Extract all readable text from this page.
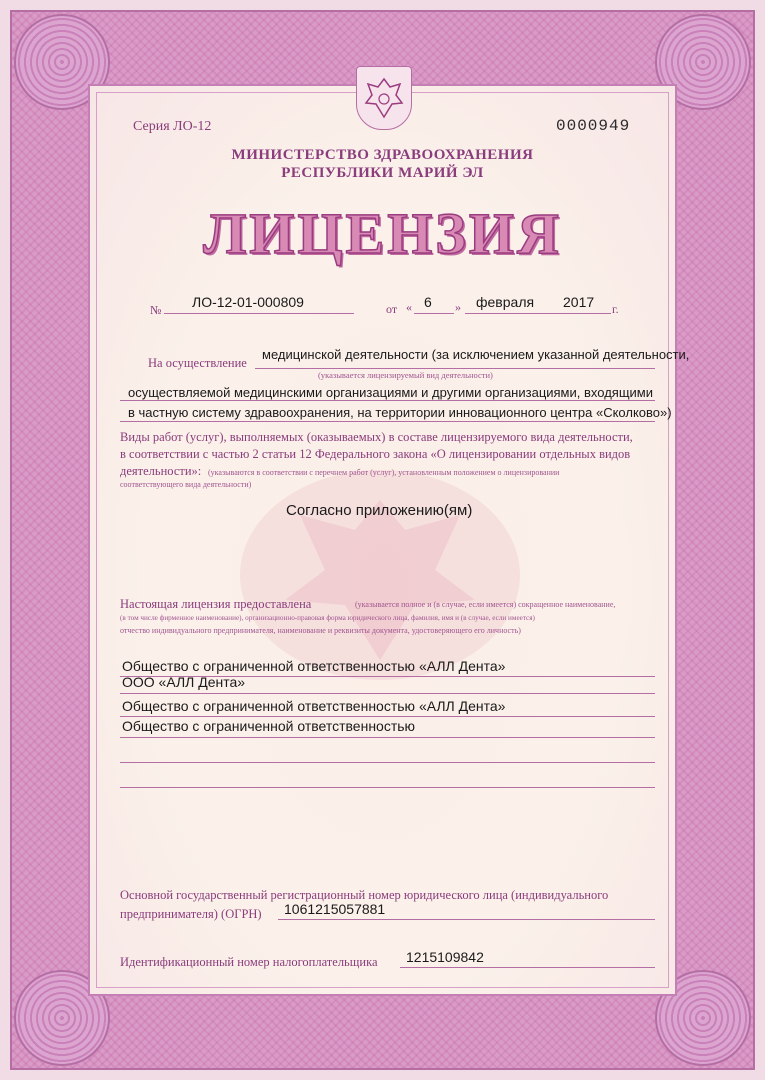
Серия ЛО-12	0000949
МИНИСТЕРСТВО ЗДРАВООХРАНЕНИЯ
РЕСПУБЛИКИ МАРИЙ ЭЛ
ЛИЦЕНЗИЯ
№ ЛО-12-01-000809	от « 6 » февраля 2017 г.
На осуществление
медицинской деятельности (за исключением указанной деятельности,
(указывается лицензируемый вид деятельности)
осуществляемой медицинскими организациями и другими организациями, входящими
в частную систему здравоохранения, на территории инновационного центра «Сколково»)
Виды работ (услуг), выполняемых (оказываемых) в составе лицензируемого вида деятельности,
в соответствии с частью 2 статьи 12 Федерального закона «О лицензировании отдельных видов
деятельности»: (указываются в соответствии с перечнем работ (услуг), установленным положением о лицензировании
соответствующего вида деятельности)
Согласно приложению(ям)
Настоящая лицензия предоставлена	(указывается полное и (в случае, если имеется) сокращенное наименование,
(в том числе фирменное наименование), организационно-правовая форма юридического лица, фамилия, имя и (в случае, если имеется)
отчество индивидуального предпринимателя, наименование и реквизиты документа, удостоверяющего его личность)
Общество с ограниченной ответственностью «АЛЛ Дента»
ООО «АЛЛ Дента»
Общество с ограниченной ответственностью «АЛЛ Дента»
Общество с ограниченной ответственностью
Основной государственный регистрационный номер юридического лица (индивидуального
предпринимателя) (ОГРН)	1061215057881
Идентификационный номер налогоплательщика 1215109842
